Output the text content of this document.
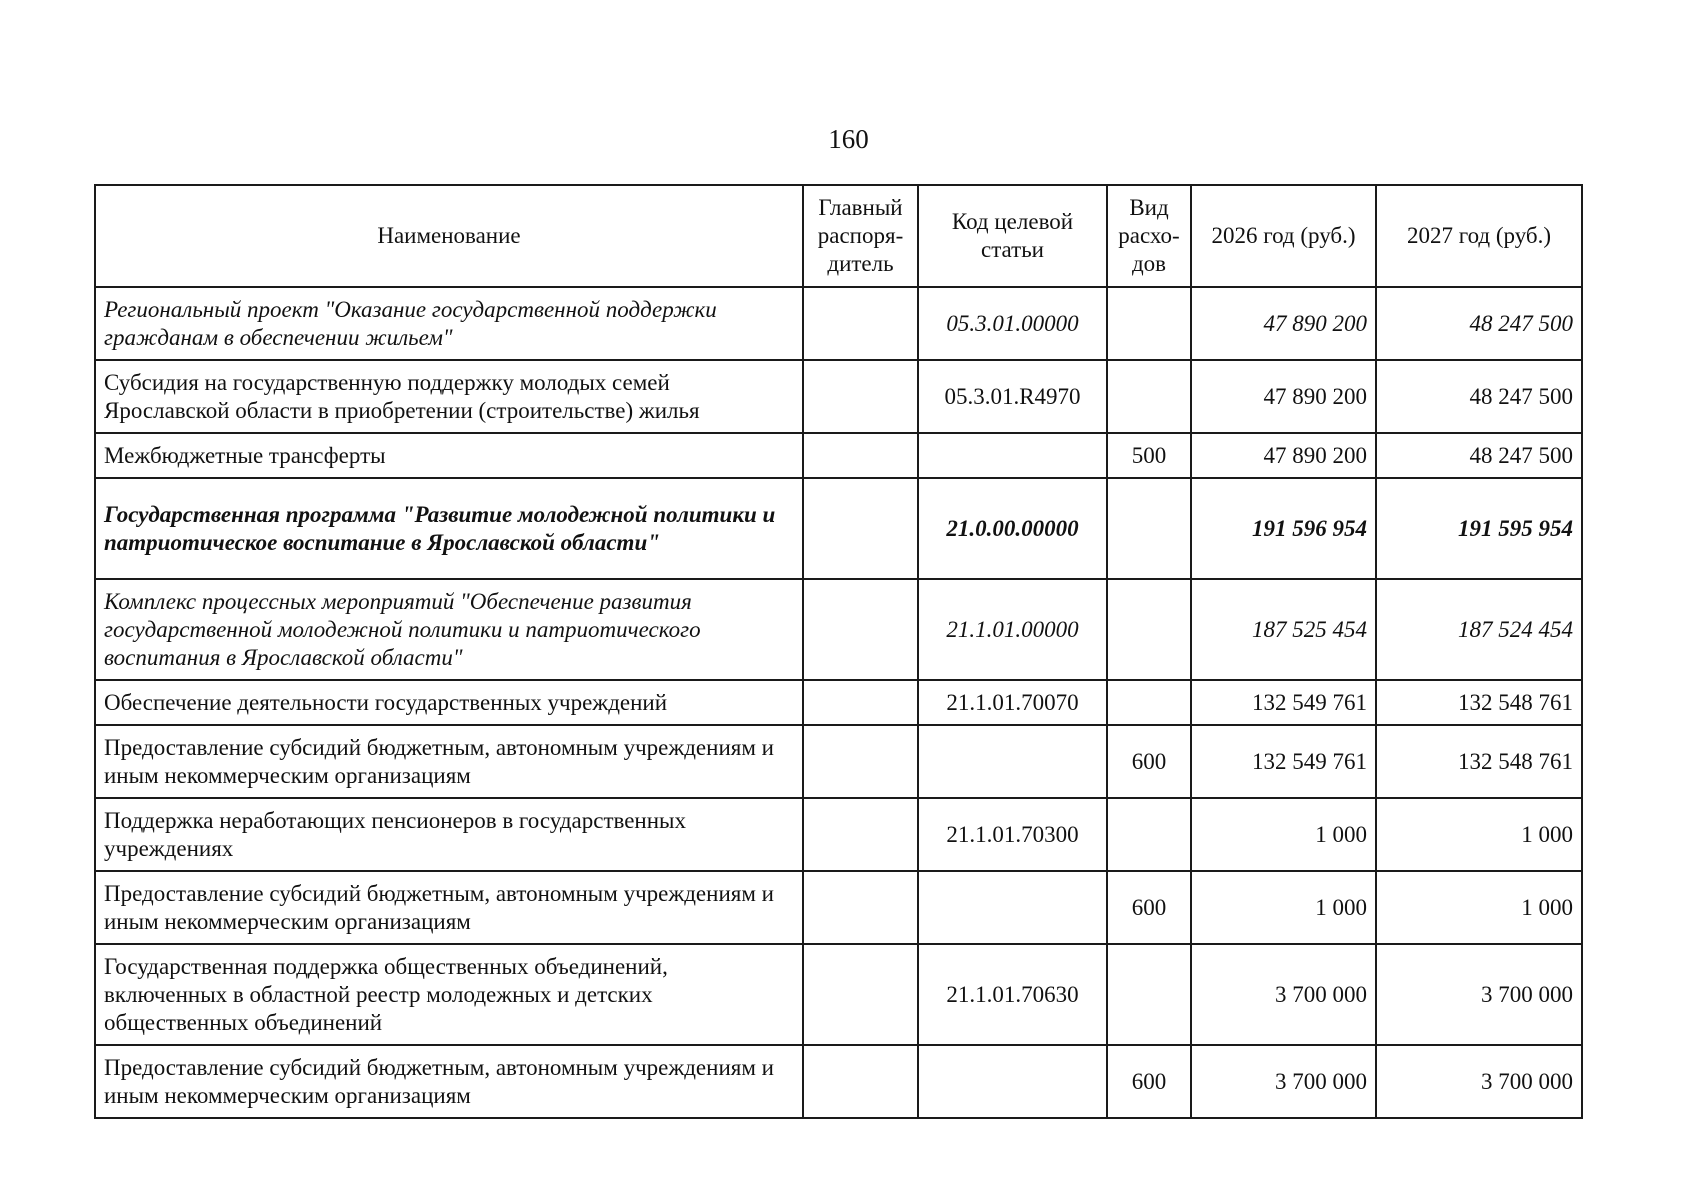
160
Наименование	Главный распоря-дитель	Код целевой статьи	Вид расхо-дов	2026 год (руб.)	2027 год (руб.)
Региональный проект "Оказание государственной поддержки гражданам в обеспечении жильем"		05.3.01.00000		47 890 200	48 247 500
Субсидия на государственную поддержку молодых семей Ярославской области в приобретении (строительстве) жилья		05.3.01.R4970		47 890 200	48 247 500
Межбюджетные трансферты			500	47 890 200	48 247 500
Государственная программа "Развитие молодежной политики и патриотическое воспитание в Ярославской области"		21.0.00.00000		191 596 954	191 595 954
Комплекс процессных мероприятий "Обеспечение развития государственной молодежной политики и патриотического воспитания в Ярославской области"		21.1.01.00000		187 525 454	187 524 454
Обеспечение деятельности государственных учреждений		21.1.01.70070		132 549 761	132 548 761
Предоставление субсидий бюджетным, автономным учреждениям и иным некоммерческим организациям			600	132 549 761	132 548 761
Поддержка неработающих пенсионеров в государственных учреждениях		21.1.01.70300		1 000	1 000
Предоставление субсидий бюджетным, автономным учреждениям и иным некоммерческим организациям			600	1 000	1 000
Государственная поддержка общественных объединений, включенных в областной реестр молодежных и детских общественных объединений		21.1.01.70630		3 700 000	3 700 000
Предоставление субсидий бюджетным, автономным учреждениям и иным некоммерческим организациям			600	3 700 000	3 700 000
